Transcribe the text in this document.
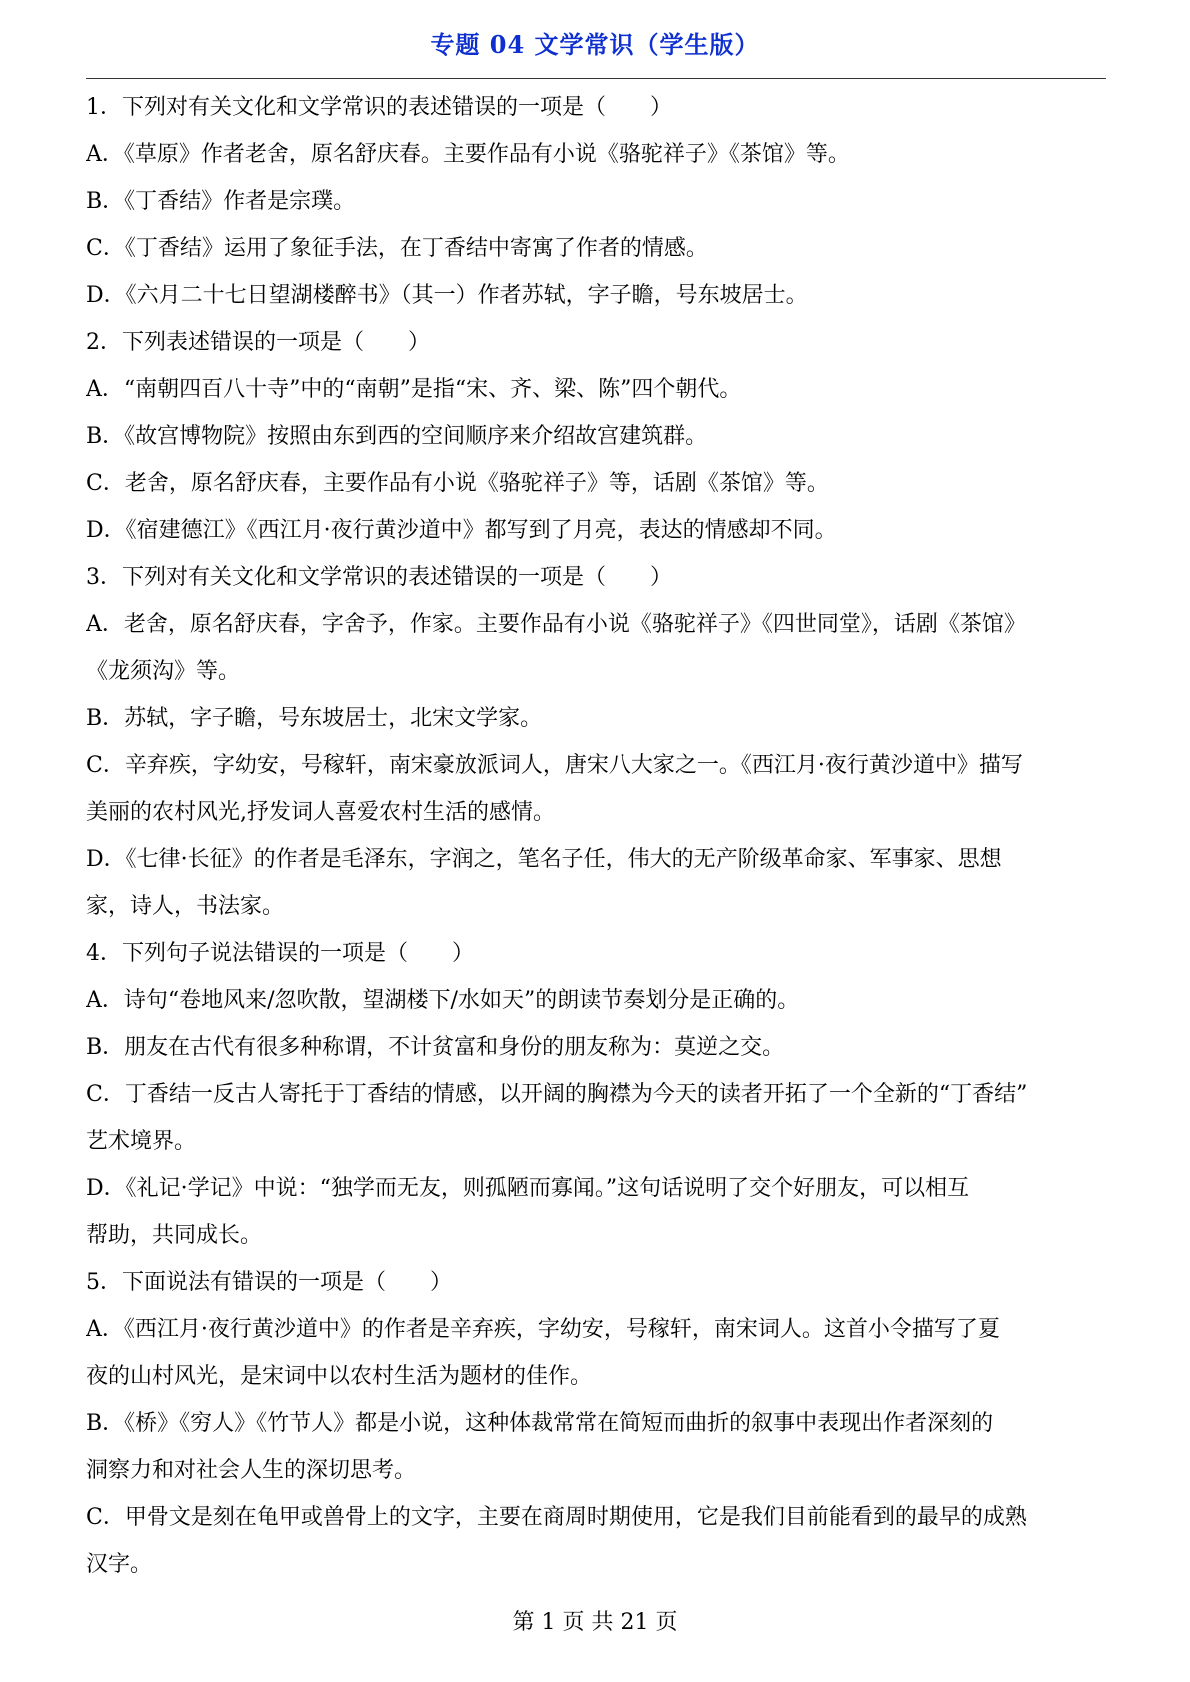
专题 04 文学常识（学生版）
1．下列对有关文化和文学常识的表述错误的一项是（　　）
A．《草原》作者老舍，原名舒庆春。主要作品有小说《骆驼祥子》《茶馆》等。
B．《丁香结》作者是宗璞。
C．《丁香结》运用了象征手法，在丁香结中寄寓了作者的情感。
D．《六月二十七日望湖楼醉书》（其一）作者苏轼，字子瞻，号东坡居士。
2．下列表述错误的一项是（　　）
A．“南朝四百八十寺”中的“南朝”是指“宋、齐、梁、陈”四个朝代。
B．《故宫博物院》按照由东到西的空间顺序来介绍故宫建筑群。
C．老舍，原名舒庆春，主要作品有小说《骆驼祥子》等，话剧《茶馆》等。
D．《宿建德江》《西江月·夜行黄沙道中》都写到了月亮，表达的情感却不同。
3．下列对有关文化和文学常识的表述错误的一项是（　　）
A．老舍，原名舒庆春，字舍予，作家。主要作品有小说《骆驼祥子》《四世同堂》，话剧《茶馆》
《龙须沟》等。
B．苏轼，字子瞻，号东坡居士，北宋文学家。
C．辛弃疾，字幼安，号稼轩，南宋豪放派词人，唐宋八大家之一。《西江月·夜行黄沙道中》描写
美丽的农村风光,抒发词人喜爱农村生活的感情。
D．《七律·长征》的作者是毛泽东，字润之，笔名子任，伟大的无产阶级革命家、军事家、思想
家，诗人，书法家。
4．下列句子说法错误的一项是（　　）
A．诗句“卷地风来/忽吹散，望湖楼下/水如天”的朗读节奏划分是正确的。
B．朋友在古代有很多种称谓，不计贫富和身份的朋友称为：莫逆之交。
C．丁香结一反古人寄托于丁香结的情感，以开阔的胸襟为今天的读者开拓了一个全新的“丁香结”
艺术境界。
D．《礼记·学记》中说：“独学而无友，则孤陋而寡闻。”这句话说明了交个好朋友，可以相互
帮助，共同成长。
5．下面说法有错误的一项是（　　）
A．《西江月·夜行黄沙道中》的作者是辛弃疾，字幼安，号稼轩，南宋词人。这首小令描写了夏
夜的山村风光，是宋词中以农村生活为题材的佳作。
B．《桥》《穷人》《竹节人》都是小说，这种体裁常常在简短而曲折的叙事中表现出作者深刻的
洞察力和对社会人生的深切思考。
C．甲骨文是刻在龟甲或兽骨上的文字，主要在商周时期使用，它是我们目前能看到的最早的成熟
汉字。
第 1 页 共 21 页
